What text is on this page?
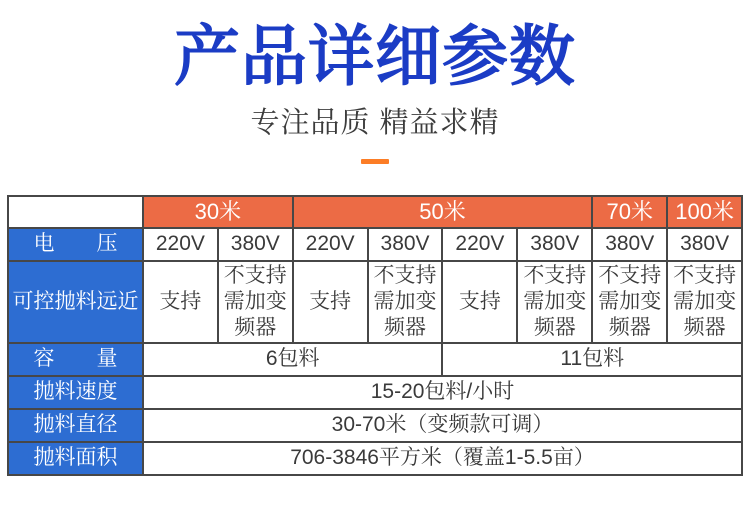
产品详细参数

专注品质 精益求精

	30米		50米				70米	100米
电　　压	220V	380V	220V	380V	220V	380V	380V	380V
可控抛料远近	支持	不支持需加变频器	支持	不支持需加变频器	支持	不支持需加变频器	不支持需加变频器	不支持需加变频器
容　　量	6包料				11包料			
抛料速度	15-20包料/小时							
抛料直径	30-70米（变频款可调）							
抛料面积	706-3846平方米（覆盖1-5.5亩）							
